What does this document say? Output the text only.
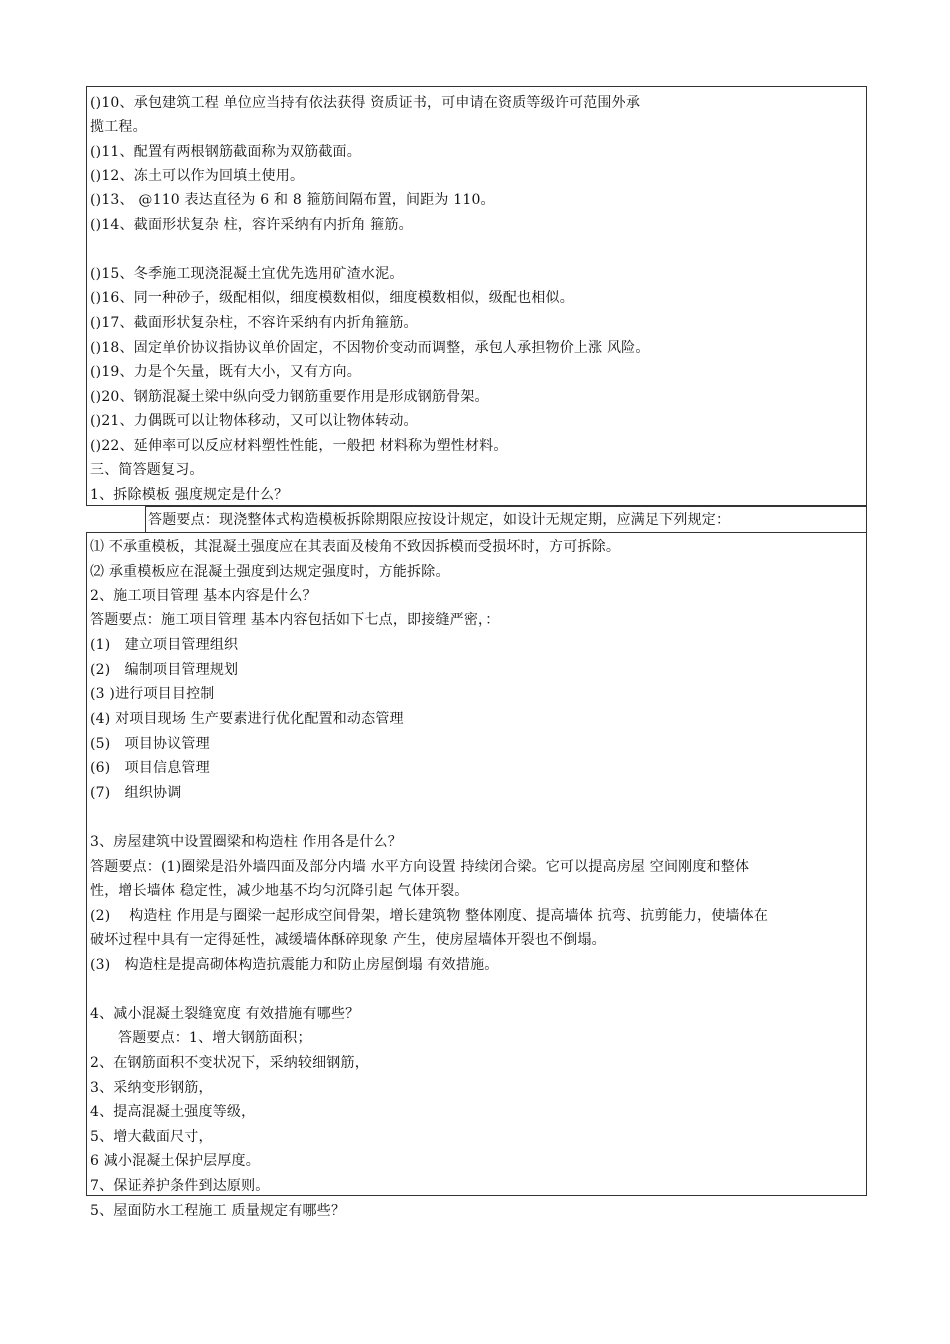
()10、承包建筑工程 单位应当持有依法获得 资质证书，可申请在资质等级许可范围外承
揽工程。
()11、配置有两根钢筋截面称为双筋截面。
()12、冻土可以作为回填土使用。
()13、 @110 表达直径为 6 和 8 箍筋间隔布置，间距为 110。
()14、截面形状复杂 柱，容许采纳有内折角 箍筋。
()15、冬季施工现浇混凝土宜优先选用矿渣水泥。
()16、同一种砂子，级配相似，细度模数相似，细度模数相似，级配也相似。
()17、截面形状复杂柱，不容许采纳有内折角箍筋。
()18、固定单价协议指协议单价固定，不因物价变动而调整，承包人承担物价上涨 风险。
()19、力是个矢量，既有大小，又有方向。
()20、钢筋混凝土梁中纵向受力钢筋重要作用是形成钢筋骨架。
()21、力偶既可以让物体移动，又可以让物体转动。
()22、延伸率可以反应材料塑性性能，一般把 材料称为塑性材料。
三、简答题复习。
1、拆除模板 强度规定是什么？
答题要点：现浇整体式构造模板拆除期限应按设计规定，如设计无规定期，应满足下列规定：
⑴ 不承重模板，其混凝土强度应在其表面及棱角不致因拆模而受损坏时，方可拆除。
⑵ 承重模板应在混凝土强度到达规定强度时，方能拆除。
2、施工项目管理 基本内容是什么？
答题要点：施工项目管理 基本内容包括如下七点，即接缝严密，：
(1)　建立项目管理组织
(2)　编制项目管理规划
(3 )进行项目目控制
(4) 对项目现场 生产要素进行优化配置和动态管理
(5)　项目协议管理
(6)　项目信息管理
(7)　组织协调
3、房屋建筑中设置圈梁和构造柱 作用各是什么？
答题要点：(1)圈梁是沿外墙四面及部分内墙 水平方向设置 持续闭合梁。它可以提高房屋 空间刚度和整体
性，增长墙体 稳定性，减少地基不均匀沉降引起 气体开裂。
(2)　 构造柱 作用是与圈梁一起形成空间骨架，增长建筑物 整体刚度、提高墙体 抗弯、抗剪能力，使墙体在
破坏过程中具有一定得延性，减缓墙体酥碎现象 产生，使房屋墙体开裂也不倒塌。
(3)　构造柱是提高砌体构造抗震能力和防止房屋倒塌 有效措施。
4、减小混凝土裂缝宽度 有效措施有哪些？
答题要点：1、增大钢筋面积；
2、在钢筋面积不变状况下，采纳较细钢筋，
3、采纳变形钢筋，
4、提高混凝土强度等级，
5、增大截面尺寸，
6 减小混凝土保护层厚度。
7、保证养护条件到达原则。
5、屋面防水工程施工 质量规定有哪些？
